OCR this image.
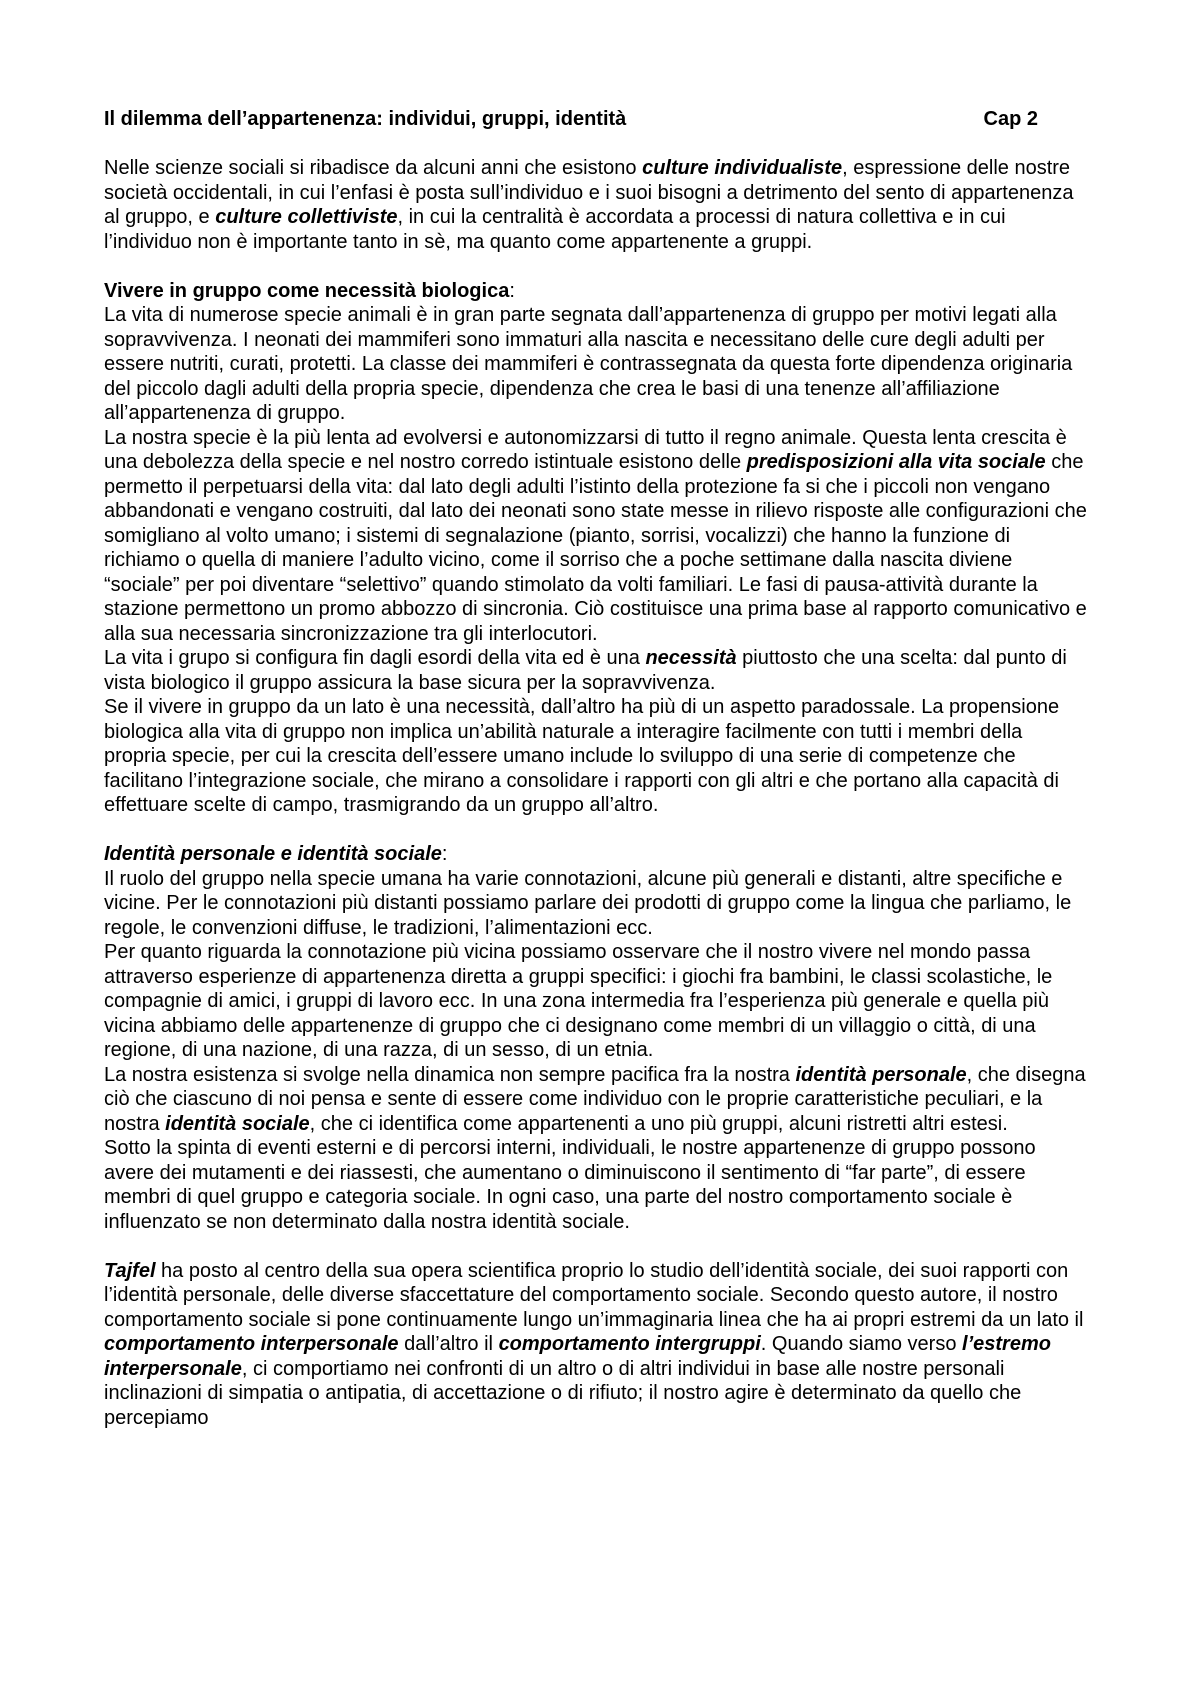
Il dilemma dell’appartenenza: individui, gruppi, identità	Cap 2

Nelle scienze sociali si ribadisce da alcuni anni che esistono culture individualiste, espressione delle nostre società occidentali, in cui l’enfasi è posta sull’individuo e i suoi bisogni a detrimento del sento di appartenenza al gruppo, e culture collettiviste, in cui la centralità è accordata a processi di natura collettiva e in cui l’individuo non è importante tanto in sè, ma quanto come appartenente a gruppi.

Vivere in gruppo come necessità biologica:

La vita di numerose specie animali è in gran parte segnata dall’appartenenza di gruppo per motivi legati alla sopravvivenza. I neonati dei mammiferi sono immaturi alla nascita e necessitano delle cure degli adulti per essere nutriti, curati, protetti. La classe dei mammiferi è contrassegnata da questa forte dipendenza originaria del piccolo dagli adulti della propria specie, dipendenza che crea le basi di una tenenze all’affiliazione all’appartenenza di gruppo.

La nostra specie è la più lenta ad evolversi e autonomizzarsi di tutto il regno animale. Questa lenta crescita è una debolezza della specie e nel nostro corredo istintuale esistono delle predisposizioni alla vita sociale che permetto il perpetuarsi della vita: dal lato degli adulti l’istinto della protezione fa si che i piccoli non vengano abbandonati e vengano costruiti, dal lato dei neonati sono state messe in rilievo risposte alle configurazioni che somigliano al volto umano; i sistemi di segnalazione (pianto, sorrisi, vocalizzi) che hanno la funzione di richiamo o quella di maniere l’adulto vicino, come il sorriso che a poche settimane dalla nascita diviene “sociale” per poi diventare “selettivo” quando stimolato da volti familiari. Le fasi di pausa-attività durante la stazione permettono un promo abbozzo di sincronia. Ciò costituisce una prima base al rapporto comunicativo e alla sua necessaria sincronizzazione tra gli interlocutori.

La vita i grupo si configura fin dagli esordi della vita ed è una necessità piuttosto che una scelta: dal punto di vista biologico il gruppo assicura la base sicura per la sopravvivenza.

Se il vivere in gruppo da un lato è una necessità, dall’altro ha più di un aspetto paradossale. La propensione biologica alla vita di gruppo non implica un’abilità naturale a interagire facilmente con tutti i membri della propria specie, per cui la crescita dell’essere umano include lo sviluppo di una serie di competenze che facilitano l’integrazione sociale, che mirano a consolidare i rapporti con gli altri e che portano alla capacità di effettuare scelte di campo, trasmigrando da un gruppo all’altro.

Identità personale e identità sociale:

Il ruolo del gruppo nella specie umana ha varie connotazioni, alcune più generali e distanti, altre specifiche e vicine. Per le connotazioni più distanti possiamo parlare dei prodotti di gruppo come la lingua che parliamo, le regole, le convenzioni diffuse, le tradizioni, l’alimentazioni ecc.

Per quanto riguarda la connotazione più vicina possiamo osservare che il nostro vivere nel mondo passa attraverso esperienze di appartenenza diretta a gruppi specifici: i giochi fra bambini, le classi scolastiche, le compagnie di amici, i gruppi di lavoro ecc. In una zona intermedia fra l’esperienza più generale e quella più vicina abbiamo delle appartenenze di gruppo che ci designano come membri di un villaggio o città, di una regione, di una nazione, di una razza, di un sesso, di un etnia.

La nostra esistenza si svolge nella dinamica non sempre pacifica fra la nostra identità personale, che disegna ciò che ciascuno di noi pensa e sente di essere come individuo con le proprie caratteristiche peculiari, e la nostra identità sociale, che ci identifica come appartenenti a uno più gruppi, alcuni ristretti altri estesi.

Sotto la spinta di eventi esterni e di percorsi interni, individuali, le nostre appartenenze di gruppo possono avere dei mutamenti e dei riassesti, che aumentano o diminuiscono il sentimento di “far parte”, di essere membri di quel gruppo e categoria sociale. In ogni caso, una parte del nostro comportamento sociale è influenzato se non determinato dalla nostra identità sociale.

Tajfel ha posto al centro della sua opera scientifica proprio lo studio dell’identità sociale, dei suoi rapporti con l’identità personale, delle diverse sfaccettature del comportamento sociale. Secondo questo autore, il nostro comportamento sociale si pone continuamente lungo un’immaginaria linea che ha ai propri estremi da un lato il comportamento interpersonale dall’altro il comportamento intergruppi. Quando siamo verso l’estremo interpersonale, ci comportiamo nei confronti di un altro o di altri individui in base alle nostre personali inclinazioni di simpatia o antipatia, di accettazione o di rifiuto; il nostro agire è determinato da quello che percepiamo
